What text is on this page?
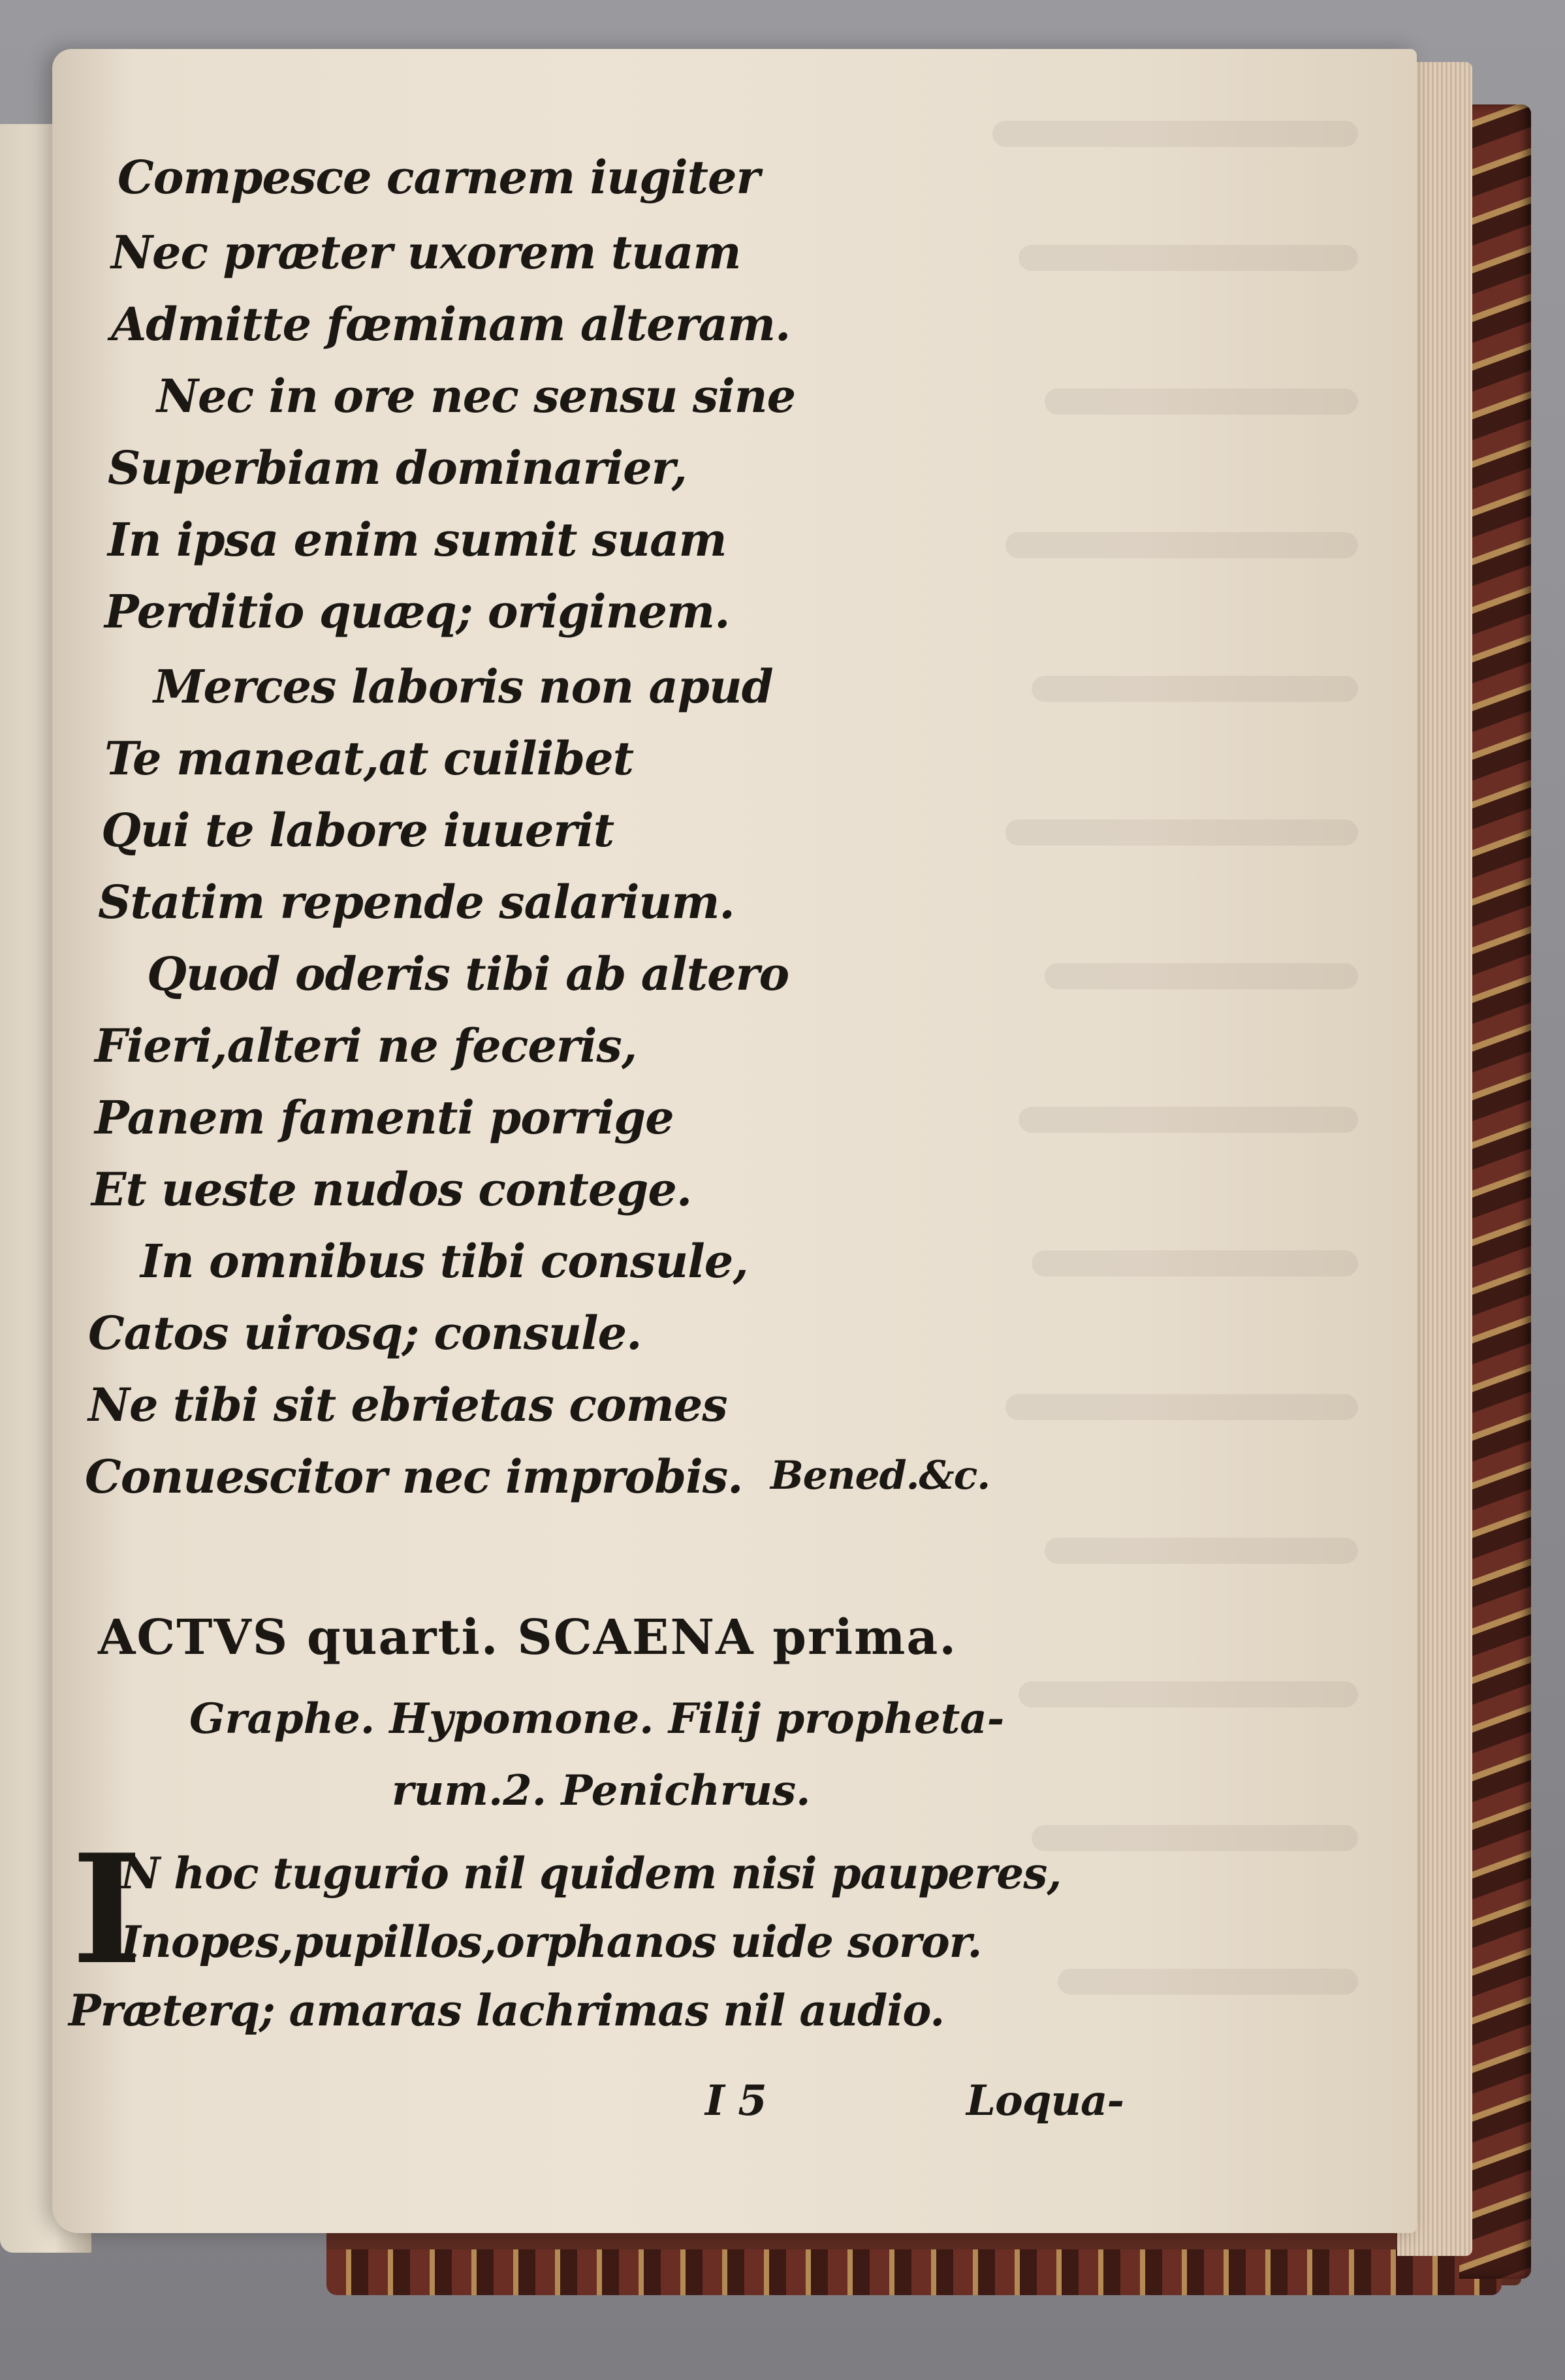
Compesce carnem iugiter
Nec præter uxorem tuam
Admitte fœminam alteram.
Nec in ore nec sensu sine
Superbiam dominarier,
In ipsa enim sumit suam
Perditio quæq; originem.
Merces laboris non apud
Te maneat,at cuilibet
Qui te labore iuuerit
Statim repende salarium.
Quod oderis tibi ab altero
Fieri,alteri ne feceris,
Panem famenti porrige
Et ueste nudos contege.
In omnibus tibi consule,
Catos uirosq; consule.
Ne tibi sit ebrietas comes
Conuescitor nec improbis. Bened.&c.
ACTVS quarti. SCAENA prima.
Graphe. Hypomone. Filij propheta-
rum.2. Penichrus.
I
N hoc tugurio nil quidem nisi pauperes,
Inopes,pupillos,orphanos uide soror.
Præterq; amaras lachrimas nil audio.
I 5	Loqua-
